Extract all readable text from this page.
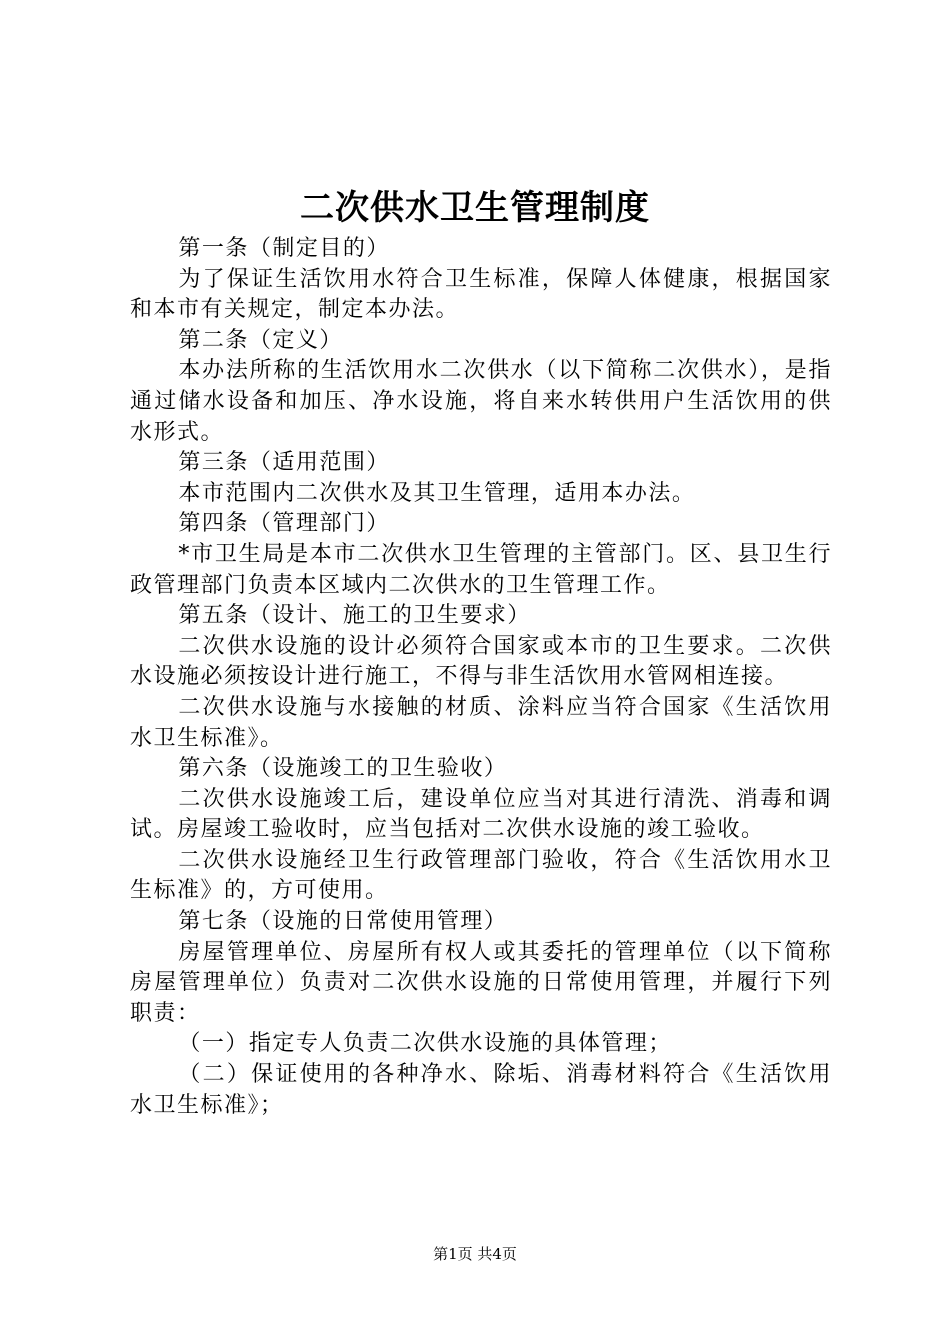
二次供水卫生管理制度

第一条（制定目的）

为了保证生活饮用水符合卫生标准，保障人体健康，根据国家和本市有关规定，制定本办法。

第二条（定义）

本办法所称的生活饮用水二次供水（以下简称二次供水），是指通过储水设备和加压、净水设施，将自来水转供用户生活饮用的供水形式。

第三条（适用范围）

本市范围内二次供水及其卫生管理，适用本办法。

第四条（管理部门）

*市卫生局是本市二次供水卫生管理的主管部门。区、县卫生行政管理部门负责本区域内二次供水的卫生管理工作。

第五条（设计、施工的卫生要求）

二次供水设施的设计必须符合国家或本市的卫生要求。二次供水设施必须按设计进行施工，不得与非生活饮用水管网相连接。

二次供水设施与水接触的材质、涂料应当符合国家《生活饮用水卫生标准》。

第六条（设施竣工的卫生验收）

二次供水设施竣工后，建设单位应当对其进行清洗、消毒和调试。房屋竣工验收时，应当包括对二次供水设施的竣工验收。

二次供水设施经卫生行政管理部门验收，符合《生活饮用水卫生标准》的，方可使用。

第七条（设施的日常使用管理）

房屋管理单位、房屋所有权人或其委托的管理单位（以下简称房屋管理单位）负责对二次供水设施的日常使用管理，并履行下列职责：

（一）指定专人负责二次供水设施的具体管理；

（二）保证使用的各种净水、除垢、消毒材料符合《生活饮用水卫生标准》；

第1页 共4页
